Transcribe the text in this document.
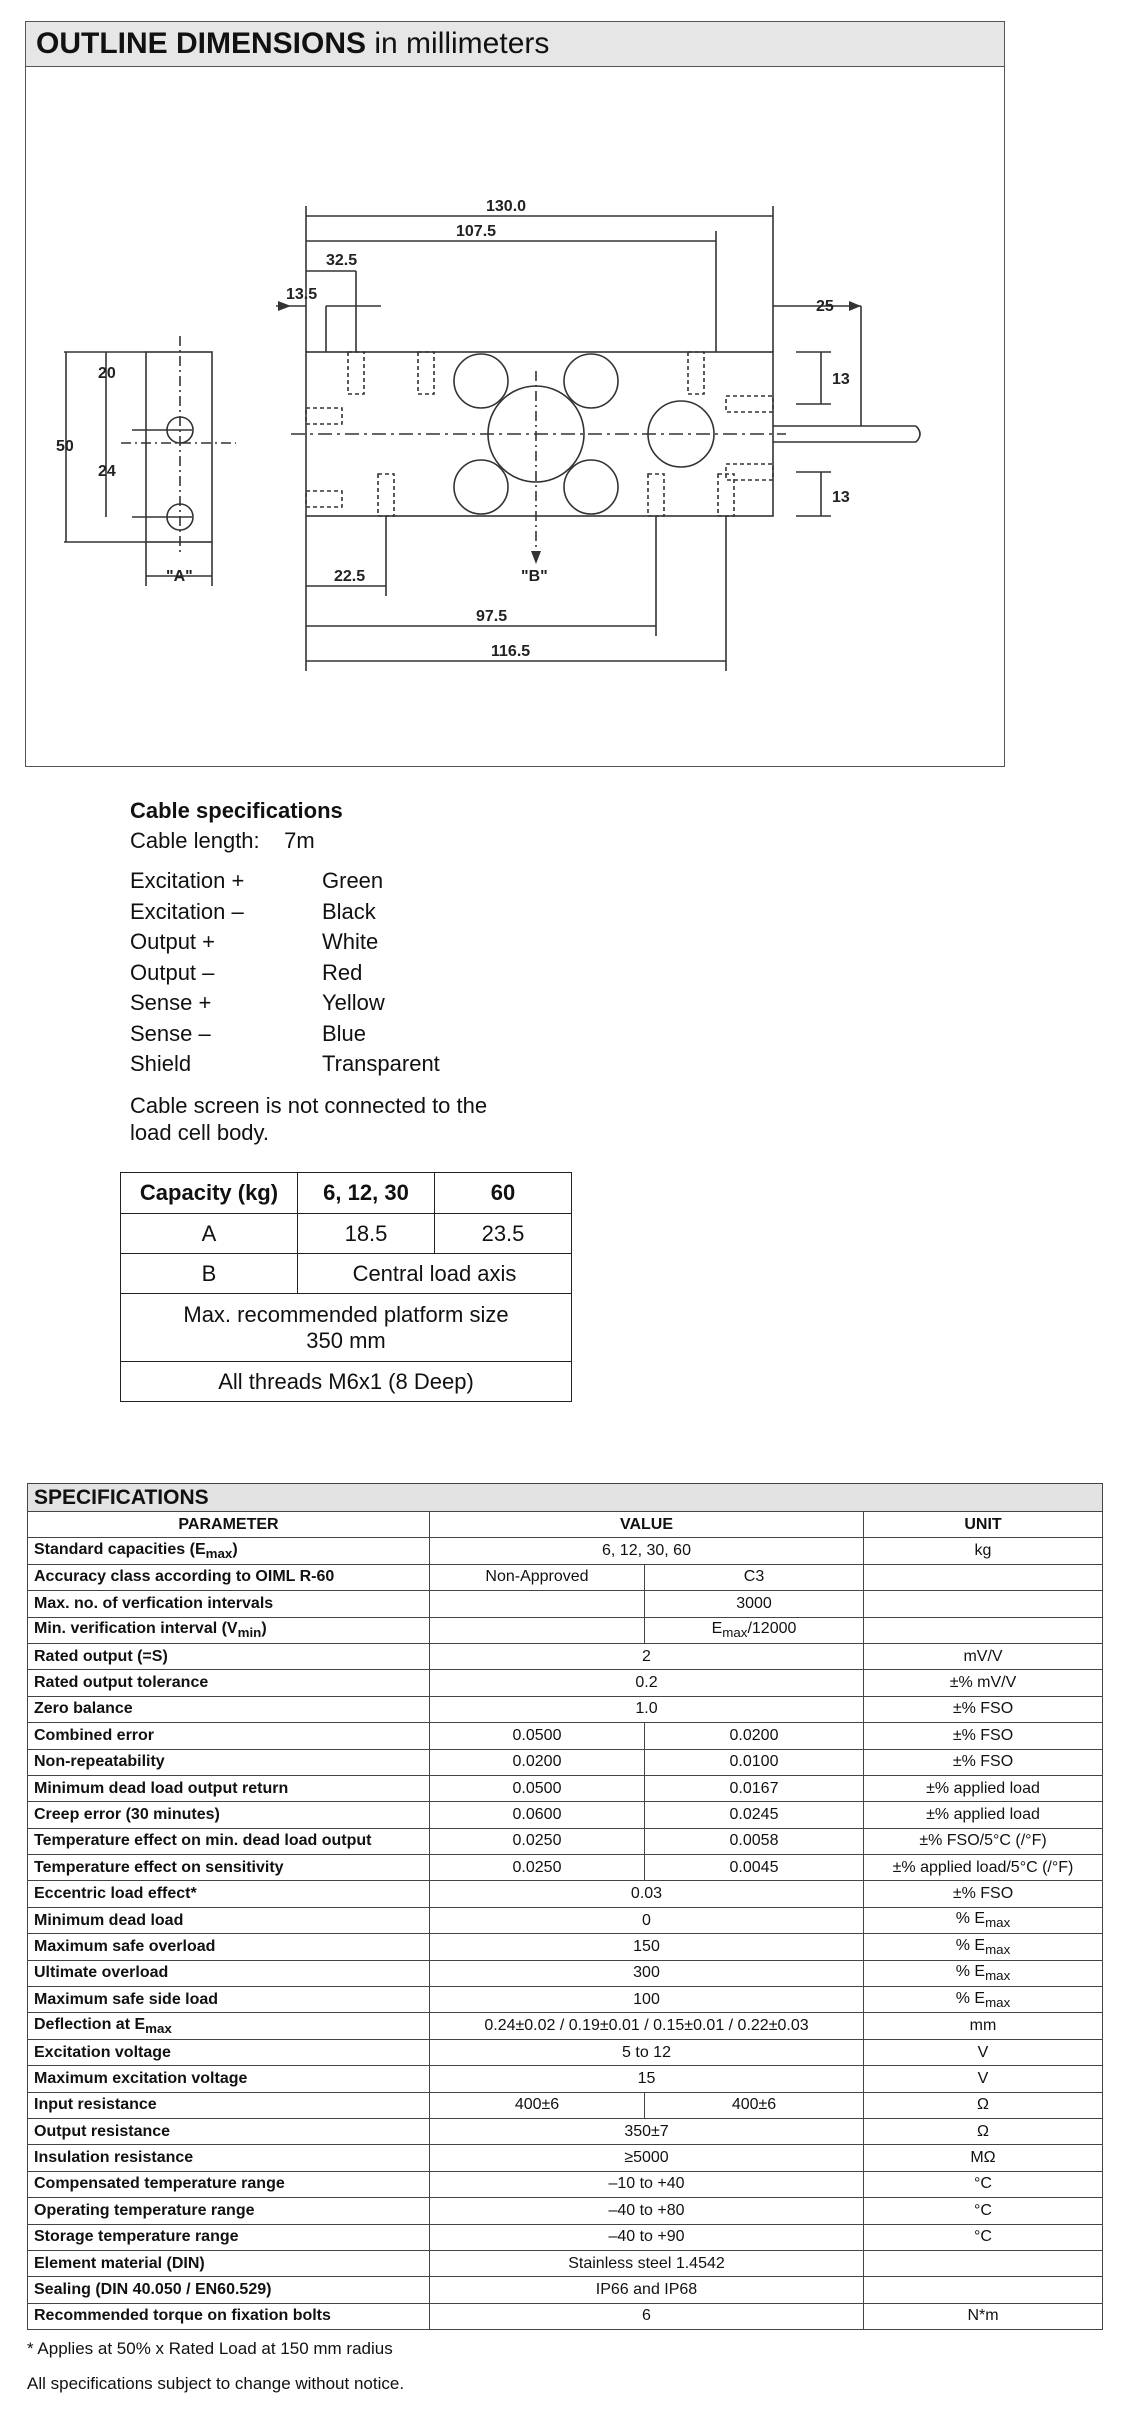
OUTLINE DIMENSIONS in millimeters
130.0
107.5
32.5
13.5
25
13
13
20
24
50
22.5
97.5
116.5
"A"	"B"
Cable specifications
Cable length: 7m
Excitation +	Green
Excitation –	Black
Output +	White
Output –	Red
Sense +	Yellow
Sense –	Blue
Shield	Transparent
Cable screen is not connected to the load cell body.
Capacity (kg)	6, 12, 30	60
A	18.5	23.5
B	Central load axis	

Max. recommended platform size
350 mm		

All threads M6x1 (8 Deep)		
SPECIFICATIONS			
PARAMETER	VALUE		UNIT
Standard capacities $(E_{max})$	6, 12, 30, 60		kg
Accuracy class according to OIML R-60	Non-Approved	C3	
Max. no. of verfication intervals		3000	
Min. verification interval $(V_{min})$		$E_{max}/12000$	
Rated output (=S)	2		mV/V
Rated output tolerance	0.2		±% mV/V
Zero balance	1.0		±% FSO
Combined error	0.0500	0.0200	±% FSO
Non-repeatability	0.0200	0.0100	±% FSO
Minimum dead load output return	0.0500	0.0167	±% applied load
Creep error (30 minutes)	0.0600	0.0245	±% applied load
Temperature effect on min. dead load output	0.0250	0.0058	±% FSO/5°C (/°F)
Temperature effect on sensitivity	0.0250	0.0045	±% applied load/5°C (/°F)
Eccentric load effect*	0.03		±% FSO
Minimum dead load	0		% $E_{max}$
Maximum safe overload	150		% $E_{max}$
Ultimate overload	300		% $E_{max}$
Maximum safe side load	100		% $E_{max}$
Deflection at $E_{max}$	0.24±0.02 / 0.19±0.01 / 0.15±0.01 / 0.22±0.03		mm
Excitation voltage	5 to 12		V
Maximum excitation voltage	15		V
Input resistance	400±6	400±6	Ω
Output resistance	350±7		Ω
Insulation resistance	≥5000		MΩ
Compensated temperature range	–10 to +40		°C
Operating temperature range	–40 to +80		°C
Storage temperature range	–40 to +90		°C
Element material (DIN)	Stainless steel 1.4542		
Sealing (DIN 40.050 / EN60.529)	IP66 and IP68		
Recommended torque on fixation bolts	6		N*m
* Applies at 50% x Rated Load at 150 mm radius
All specifications subject to change without notice.
